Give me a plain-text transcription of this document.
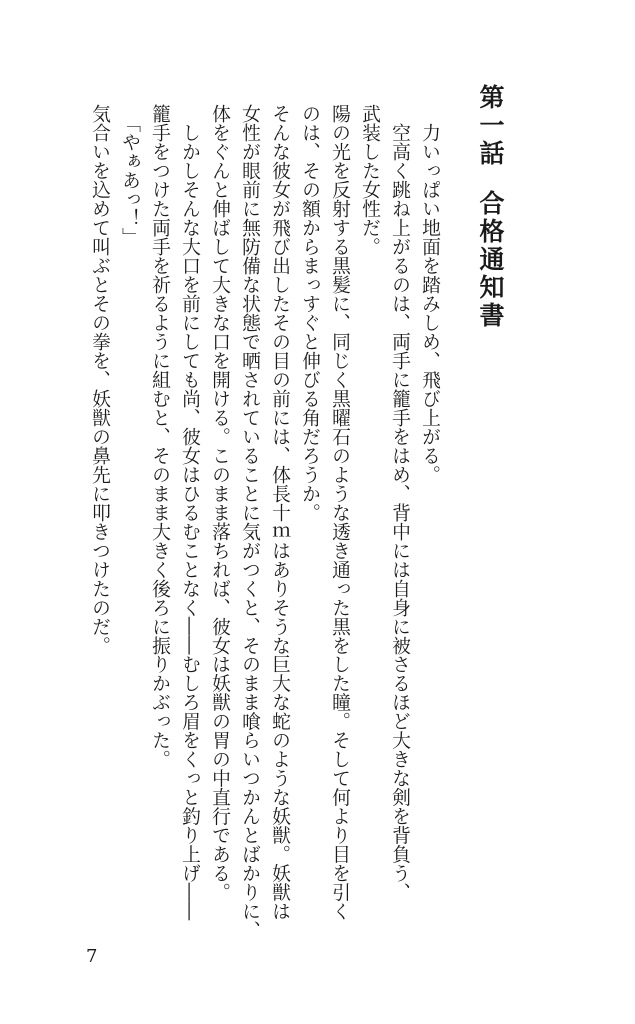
第一話合格通知書

　力いっぱい地面を踏みしめ、飛び上がる。

　空高く跳ね上がるのは、両手に籠手をはめ、背中には自身に被さるほど大きな剣を背負う、

武装した女性だ。

陽の光を反射する黒髪に、同じく黒曜石のような透き通った黒をした瞳。そして何より目を引く

のは、その額からまっすぐと伸びる角だろうか。

そんな彼女が飛び出したその目の前には、体長十ｍはありそうな巨大な蛇のような妖獣。妖獣は

女性が眼前に無防備な状態で晒されていることに気がつくと、そのまま喰らいつかんとばかりに、

体をぐんと伸ばして大きな口を開ける。このまま落ちれば、彼女は妖獣の胃の中直行である。

　しかしそんな大口を前にしても尚、彼女はひるむことなく――むしろ眉をくっと釣り上げ――

籠手をつけた両手を祈るように組むと、そのまま大きく後ろに振りかぶった。

　「やぁあっ！」

気合いを込めて叫ぶとその拳を、妖獣の鼻先に叩きつけたのだ。

7
